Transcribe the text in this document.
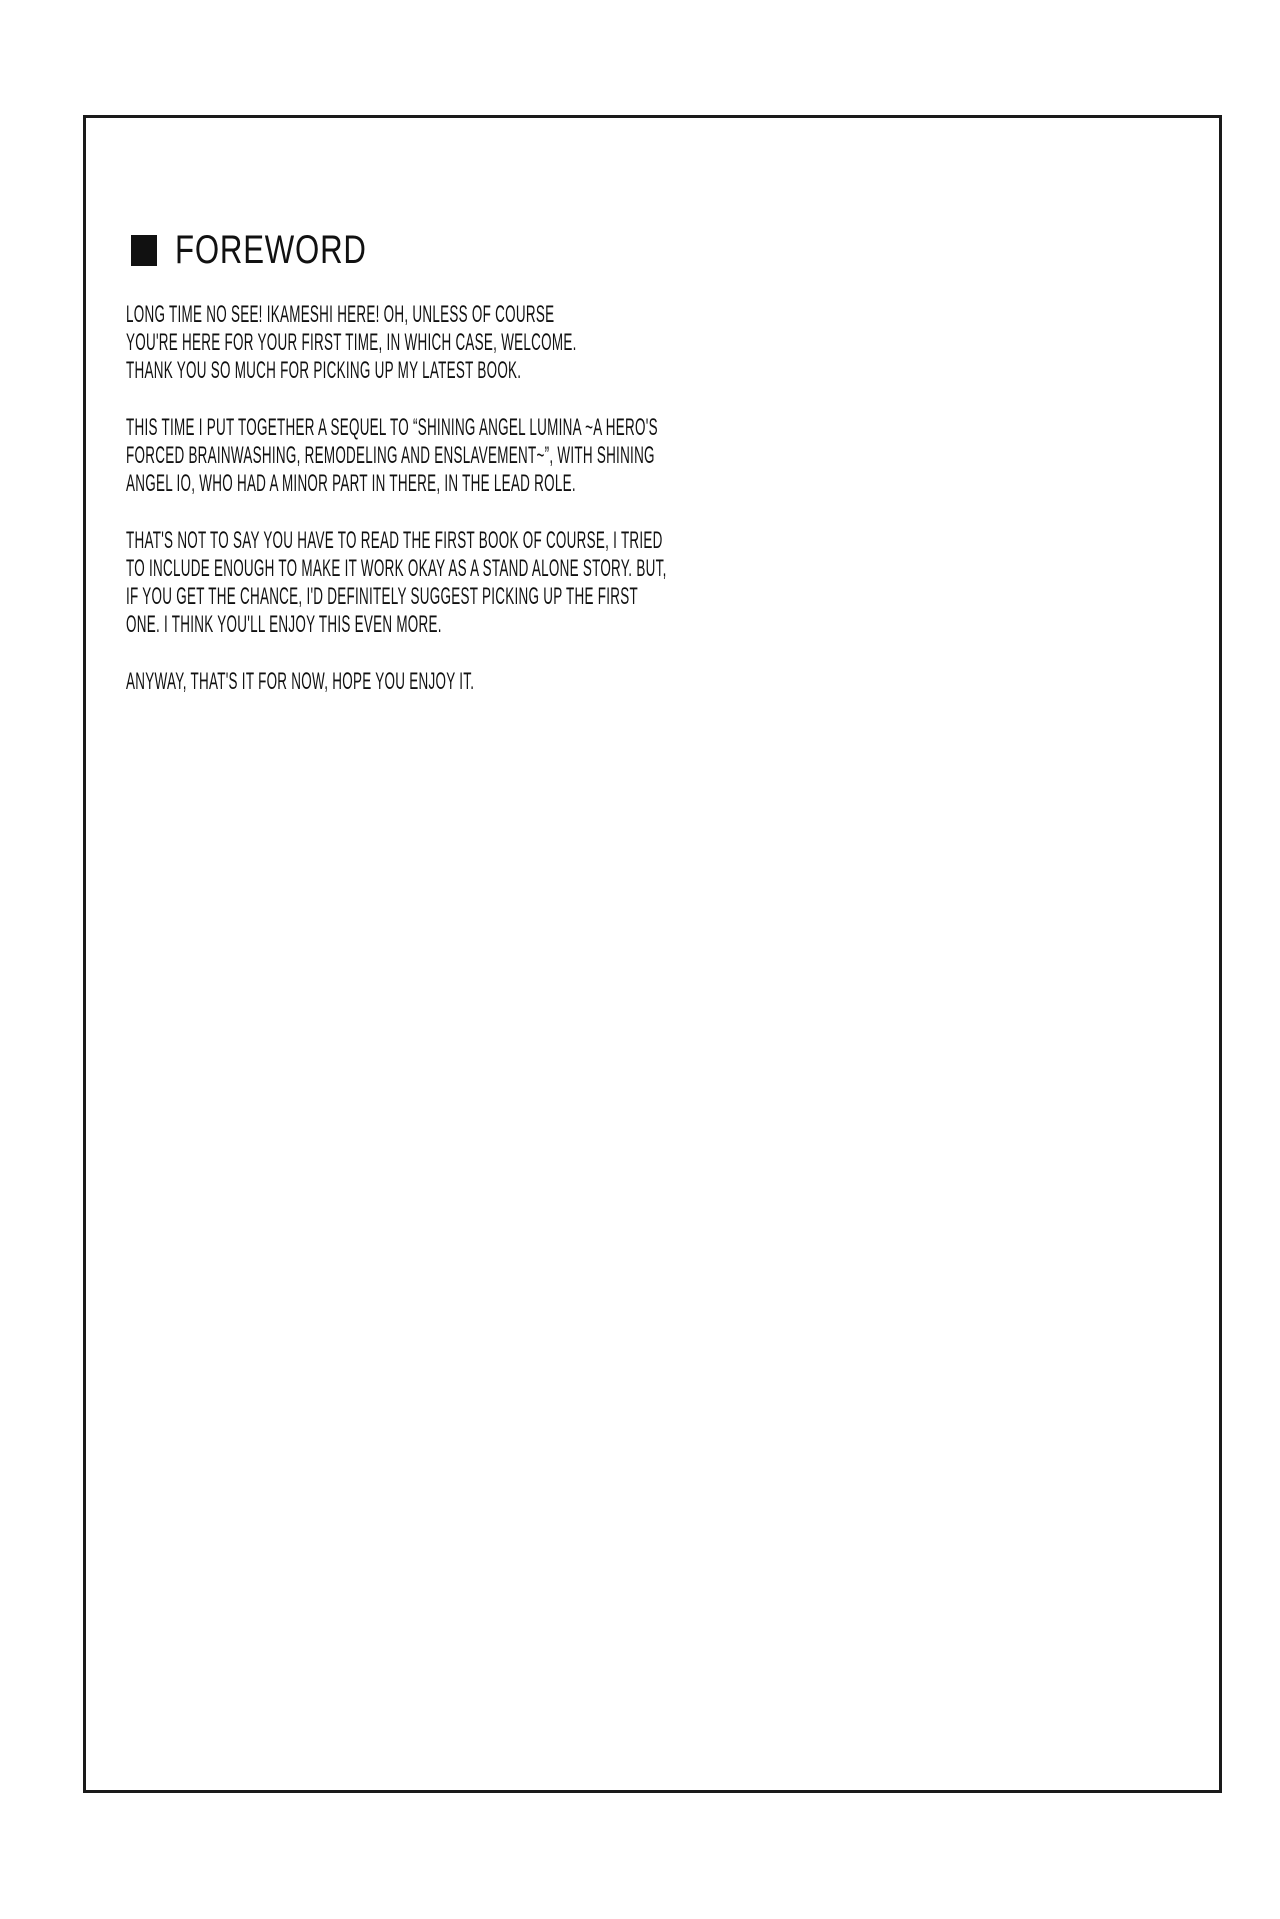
FOREWORD
LONG TIME NO SEE! IKAMESHI HERE! OH, UNLESS OF COURSE
YOU'RE HERE FOR YOUR FIRST TIME, IN WHICH CASE, WELCOME.
THANK YOU SO MUCH FOR PICKING UP MY LATEST BOOK.
THIS TIME I PUT TOGETHER A SEQUEL TO “SHINING ANGEL LUMINA ~A HERO'S
FORCED BRAINWASHING, REMODELING AND ENSLAVEMENT~”, WITH SHINING
ANGEL IO, WHO HAD A MINOR PART IN THERE, IN THE LEAD ROLE.
THAT'S NOT TO SAY YOU HAVE TO READ THE FIRST BOOK OF COURSE, I TRIED
TO INCLUDE ENOUGH TO MAKE IT WORK OKAY AS A STAND ALONE STORY. BUT,
IF YOU GET THE CHANCE, I'D DEFINITELY SUGGEST PICKING UP THE FIRST
ONE. I THINK YOU'LL ENJOY THIS EVEN MORE.
ANYWAY, THAT'S IT FOR NOW, HOPE YOU ENJOY IT.
